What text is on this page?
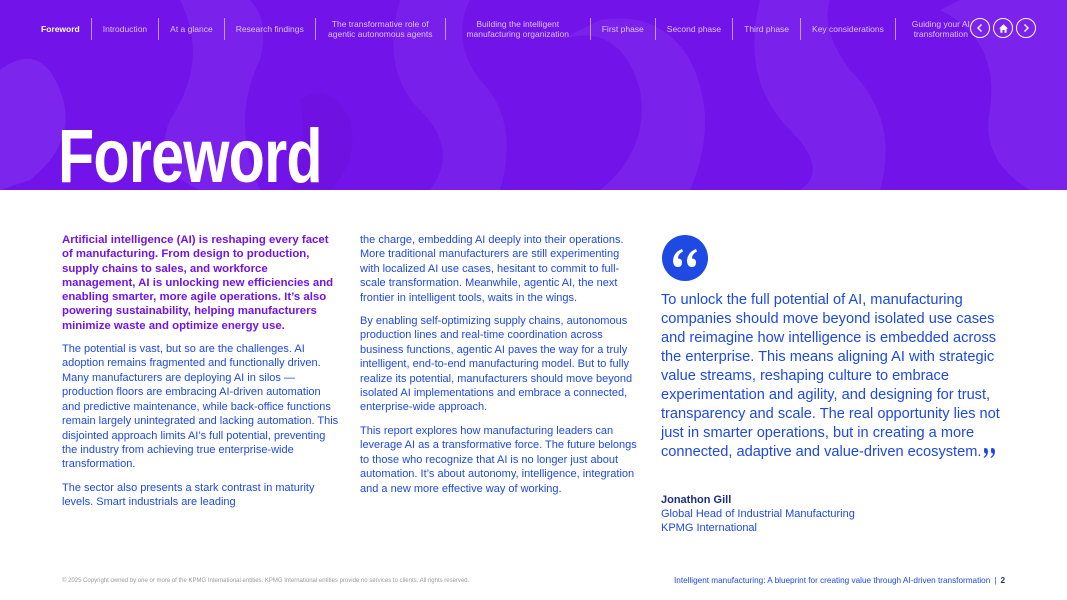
Foreword	Introduction	At a glance	Research findings	The transformative role of agentic autonomous agents
Building the intelligent manufacturing organization	First phase	Second phase	Third phase	Key considerations	Guiding your AI transformation
Foreword

Artificial intelligence (AI) is reshaping every facet of manufacturing. From design to production, supply chains to sales, and workforce management, AI is unlocking new efficiencies and enabling smarter, more agile operations. It’s also powering sustainability, helping manufacturers minimize waste and optimize energy use.

The potential is vast, but so are the challenges. AI adoption remains fragmented and functionally driven. Many manufacturers are deploying AI in silos — production floors are embracing AI-driven automation and predictive maintenance, while back-office functions remain largely unintegrated and lacking automation. This disjointed approach limits AI’s full potential, preventing the industry from achieving true enterprise-wide transformation.

The sector also presents a stark contrast in maturity levels. Smart industrials are leading

the charge, embedding AI deeply into their operations. More traditional manufacturers are still experimenting with localized AI use cases, hesitant to commit to full-scale transformation. Meanwhile, agentic AI, the next frontier in intelligent tools, waits in the wings.

By enabling self-optimizing supply chains, autonomous production lines and real-time coordination across business functions, agentic AI paves the way for a truly intelligent, end-to-end manufacturing model. But to fully realize its potential, manufacturers should move beyond isolated AI implementations and embrace a connected, enterprise-wide approach.

This report explores how manufacturing leaders can leverage AI as a transformative force. The future belongs to those who recognize that AI is no longer just about automation. It’s about autonomy, intelligence, integration and a new more effective way of working.

To unlock the full potential of AI, manufacturing companies should move beyond isolated use cases and reimagine how intelligence is embedded across the enterprise. This means aligning AI with strategic value streams, reshaping culture to embrace experimentation and agility, and designing for trust, transparency and scale. The real opportunity lies not just in smarter operations, but in creating a more connected, adaptive and value-driven ecosystem.
Jonathon Gill
Global Head of Industrial Manufacturing
KPMG International
© 2025 Copyright owned by one or more of the KPMG International entities. KPMG International entities provide no services to clients. All rights reserved.	Intelligent manufacturing: A blueprint for creating value through AI-driven transformation | 2
